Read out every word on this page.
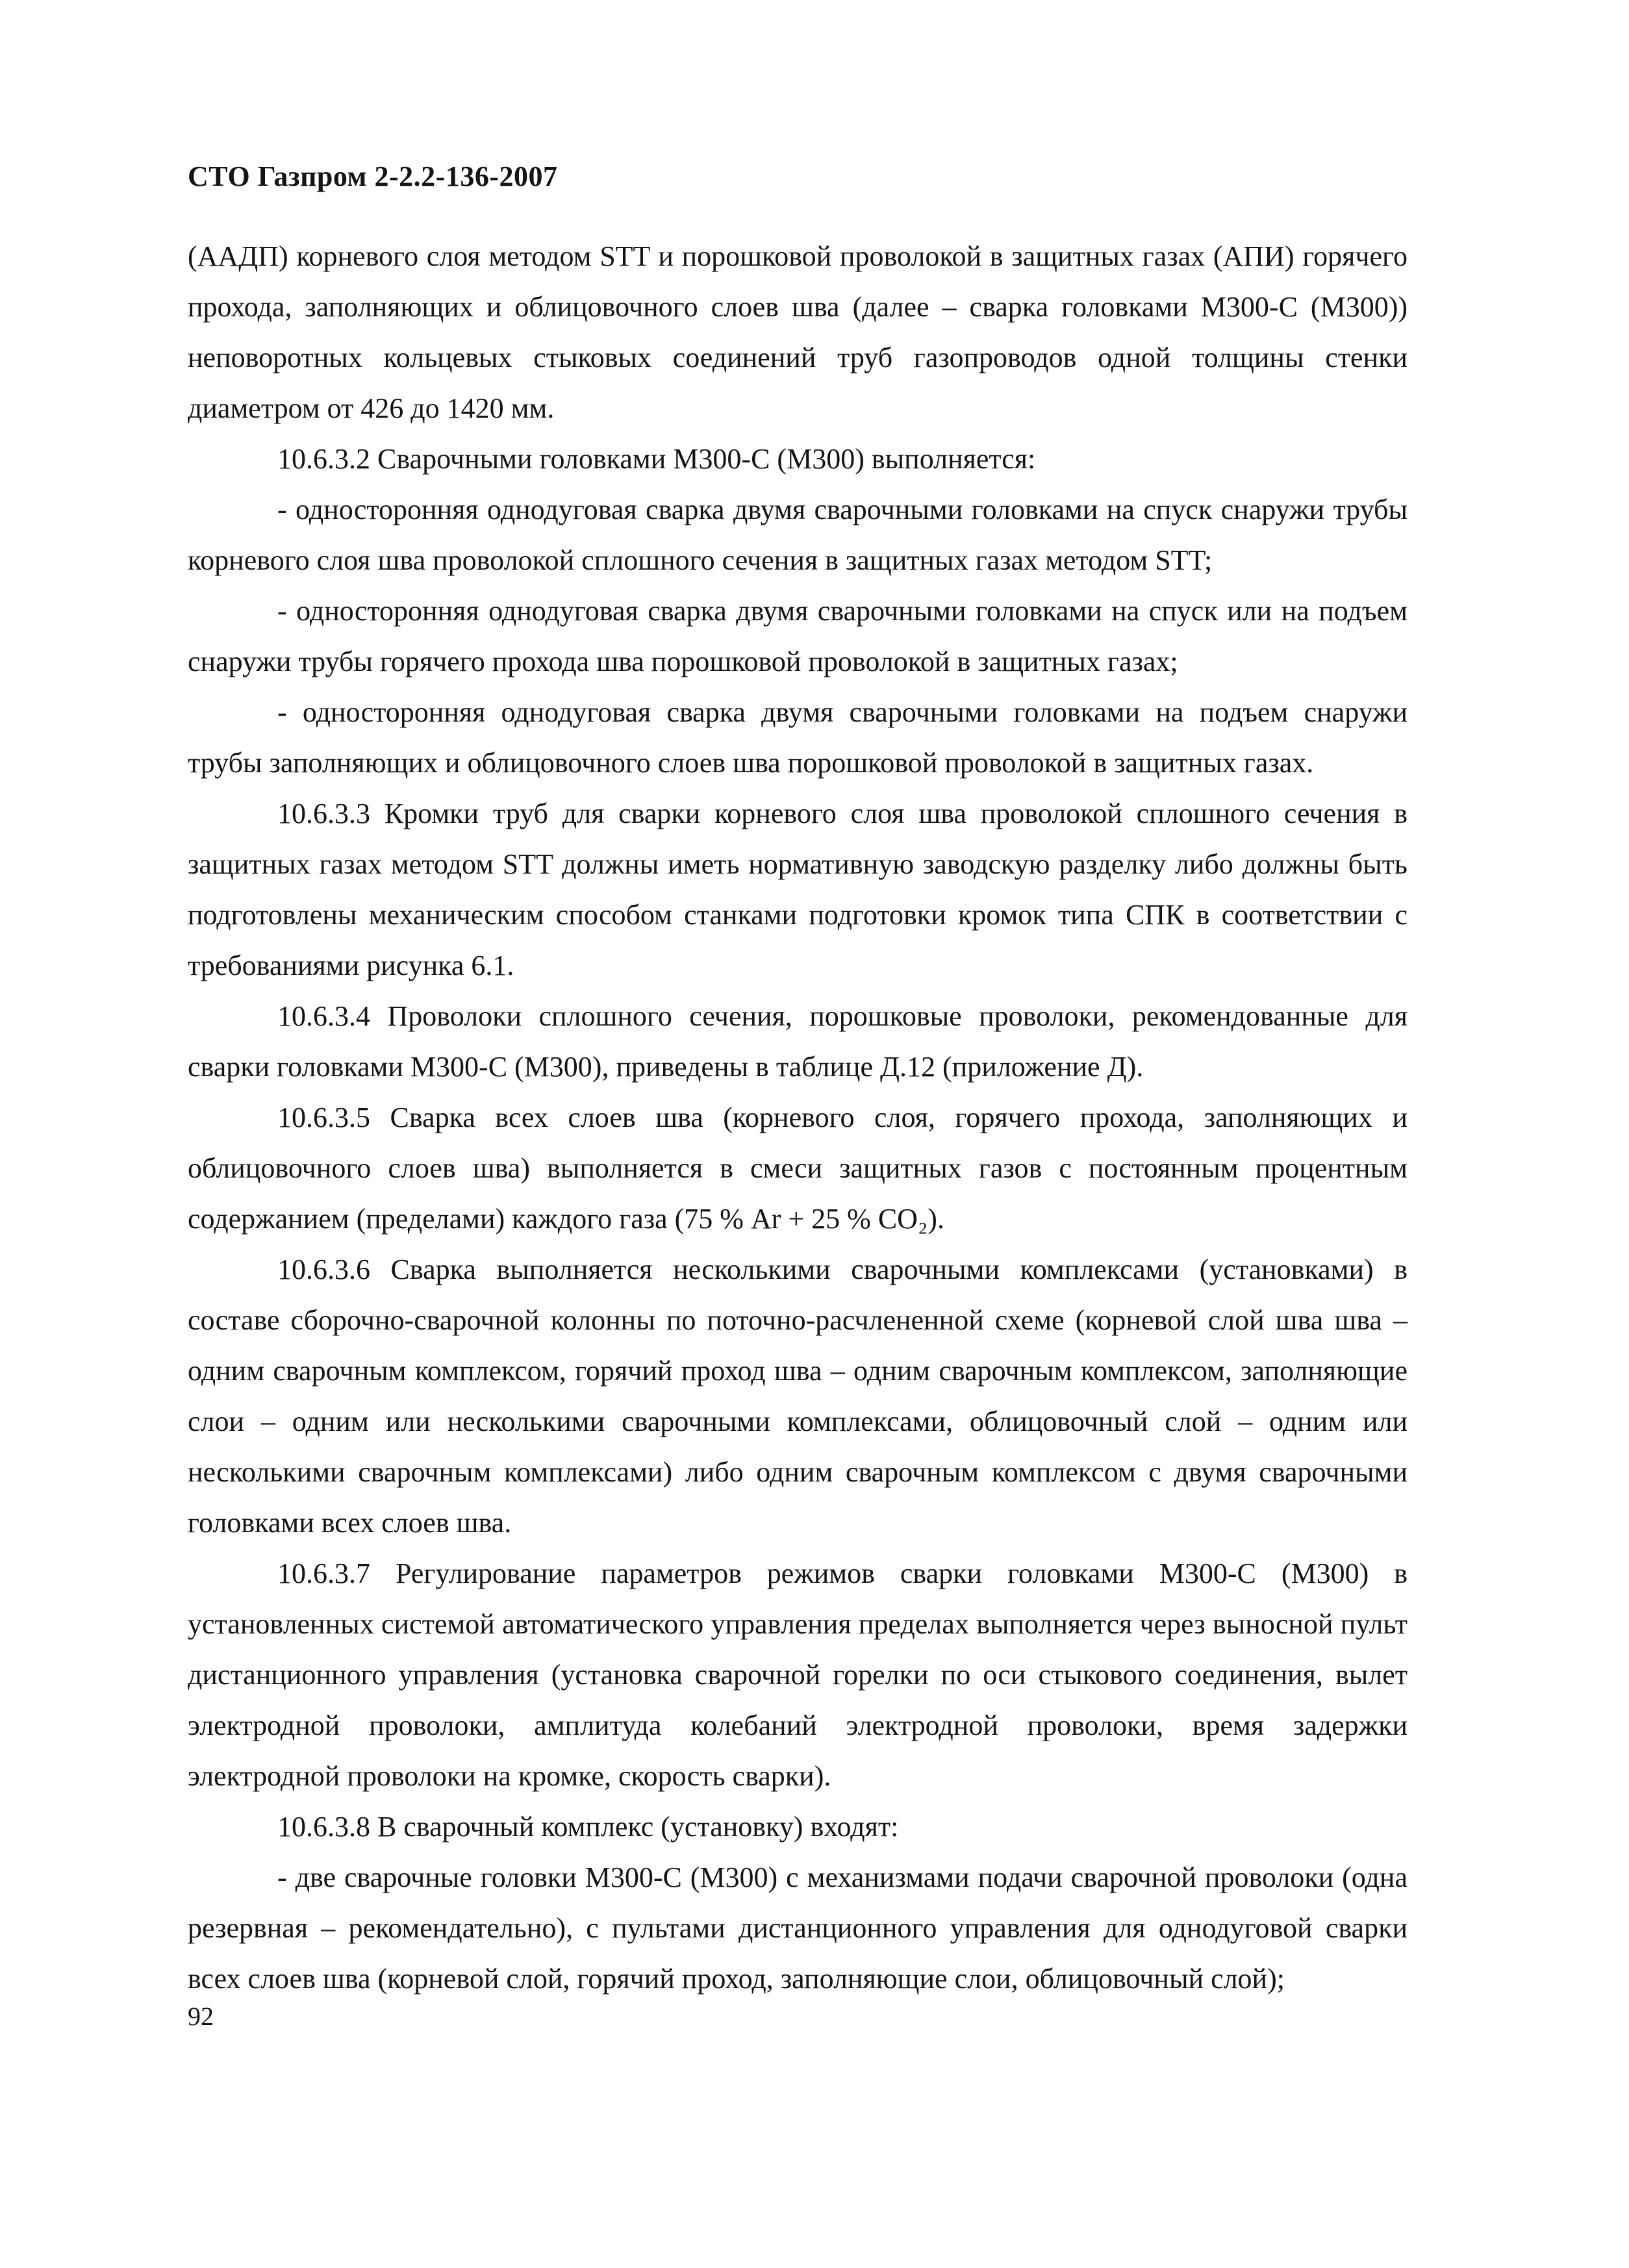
СТО Газпром 2-2.2-136-2007

(ААДП) корневого слоя методом STT и порошковой проволокой в защитных газах (АПИ) горячего прохода, заполняющих и облицовочного слоев шва (далее – сварка головками М300-С (М300)) неповоротных кольцевых стыковых соединений труб газопроводов одной толщины стенки диаметром от 426 до 1420 мм.

10.6.3.2 Сварочными головками М300-С (М300) выполняется:

- односторонняя однодуговая сварка двумя сварочными головками на спуск снаружи трубы корневого слоя шва проволокой сплошного сечения в защитных газах методом STT;

- односторонняя однодуговая сварка двумя сварочными головками на спуск или на подъем снаружи трубы горячего прохода шва порошковой проволокой в защитных газах;

- односторонняя однодуговая сварка двумя сварочными головками на подъем снаружи трубы заполняющих и облицовочного слоев шва порошковой проволокой в защитных газах.

10.6.3.3 Кромки труб для сварки корневого слоя шва проволокой сплошного сечения в защитных газах методом STT должны иметь нормативную заводскую разделку либо должны быть подготовлены механическим способом станками подготовки кромок типа СПК в соответствии с требованиями рисунка 6.1.

10.6.3.4 Проволоки сплошного сечения, порошковые проволоки, рекомендованные для сварки головками М300-С (М300), приведены в таблице Д.12 (приложение Д).

10.6.3.5 Сварка всех слоев шва (корневого слоя, горячего прохода, заполняющих и облицовочного слоев шва) выполняется в смеси защитных газов с постоянным процентным содержанием (пределами) каждого газа (75 % Ar + 25 % CO₂).

10.6.3.6 Сварка выполняется несколькими сварочными комплексами (установками) в составе сборочно-сварочной колонны по поточно-расчлененной схеме (корневой слой шва шва – одним сварочным комплексом, горячий проход шва – одним сварочным комплексом, заполняющие слои – одним или несколькими сварочными комплексами, облицовочный слой – одним или несколькими сварочным комплексами) либо одним сварочным комплексом с двумя сварочными головками всех слоев шва.

10.6.3.7 Регулирование параметров режимов сварки головками М300-С (М300) в установленных системой автоматического управления пределах выполняется через выносной пульт дистанционного управления (установка сварочной горелки по оси стыкового соединения, вылет электродной проволоки, амплитуда колебаний электродной проволоки, время задержки электродной проволоки на кромке, скорость сварки).

10.6.3.8 В сварочный комплекс (установку) входят:

- две сварочные головки М300-С (М300) с механизмами подачи сварочной проволоки (одна резервная – рекомендательно), с пультами дистанционного управления для однодуговой сварки всех слоев шва (корневой слой, горячий проход, заполняющие слои, облицовочный слой);

92
